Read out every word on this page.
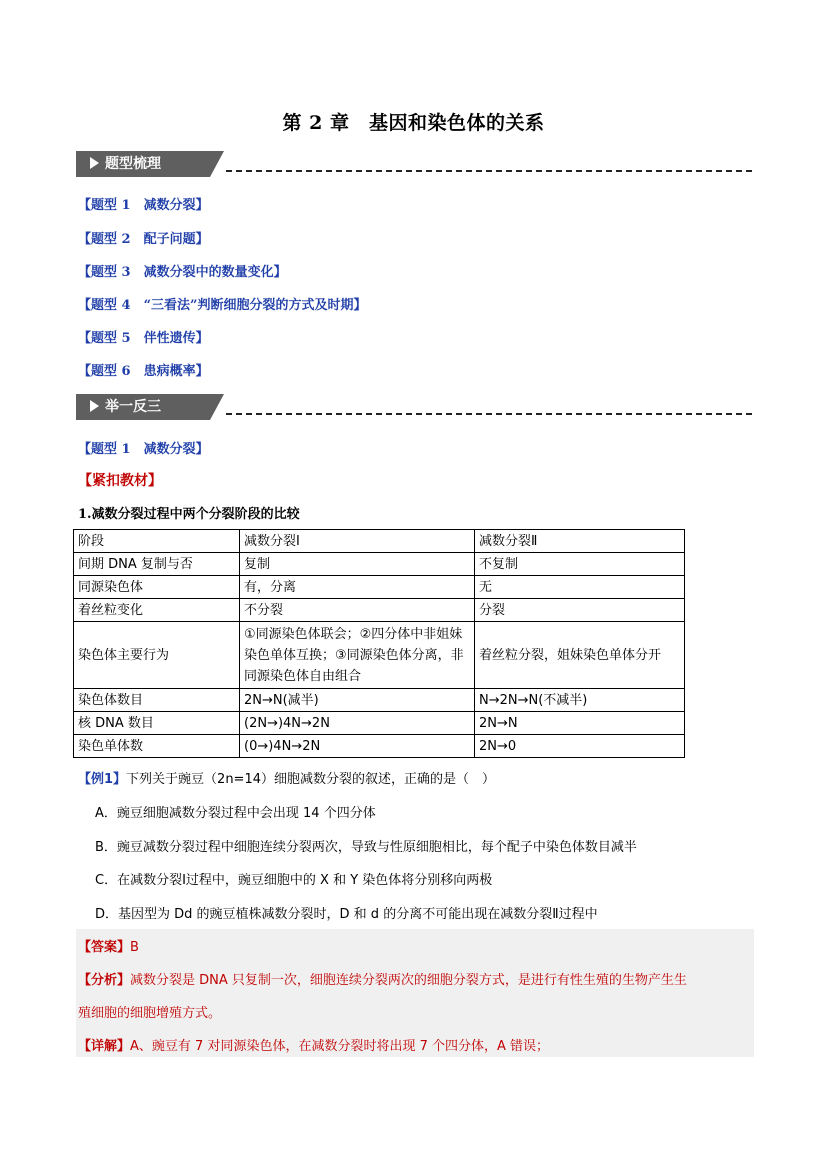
第 2 章　基因和染色体的关系
题型梳理
【题型 1　减数分裂】
【题型 2　配子问题】
【题型 3　减数分裂中的数量变化】
【题型 4　“三看法”判断细胞分裂的方式及时期】
【题型 5　伴性遗传】
【题型 6　患病概率】
举一反三
【题型 1　减数分裂】
【紧扣教材】
1.减数分裂过程中两个分裂阶段的比较
阶段	减数分裂Ⅰ	减数分裂Ⅱ
间期 DNA 复制与否	复制	不复制
同源染色体	有，分离	无
着丝粒变化	不分裂	分裂
染色体主要行为	①同源染色体联会；②四分体中非姐妹染色单体互换；③同源染色体分离，非同源染色体自由组合	着丝粒分裂，姐妹染色单体分开
染色体数目	2N→N(减半)	N→2N→N(不减半)
核 DNA 数目	(2N→)4N→2N	2N→N
染色单体数	(0→)4N→2N	2N→0
【例1】下列关于豌豆（2n=14）细胞减数分裂的叙述，正确的是（　）
A．豌豆细胞减数分裂过程中会出现 14 个四分体
B．豌豆减数分裂过程中细胞连续分裂两次，导致与性原细胞相比，每个配子中染色体数目减半
C．在减数分裂Ⅰ过程中，豌豆细胞中的 X 和 Y 染色体将分别移向两极
D．基因型为 Dd 的豌豆植株减数分裂时，D 和 d 的分离不可能出现在减数分裂Ⅱ过程中
【答案】B
【分析】减数分裂是 DNA 只复制一次，细胞连续分裂两次的细胞分裂方式，是进行有性生殖的生物产生生
殖细胞的细胞增殖方式。
【详解】A、豌豆有 7 对同源染色体，在减数分裂时将出现 7 个四分体，A 错误；
